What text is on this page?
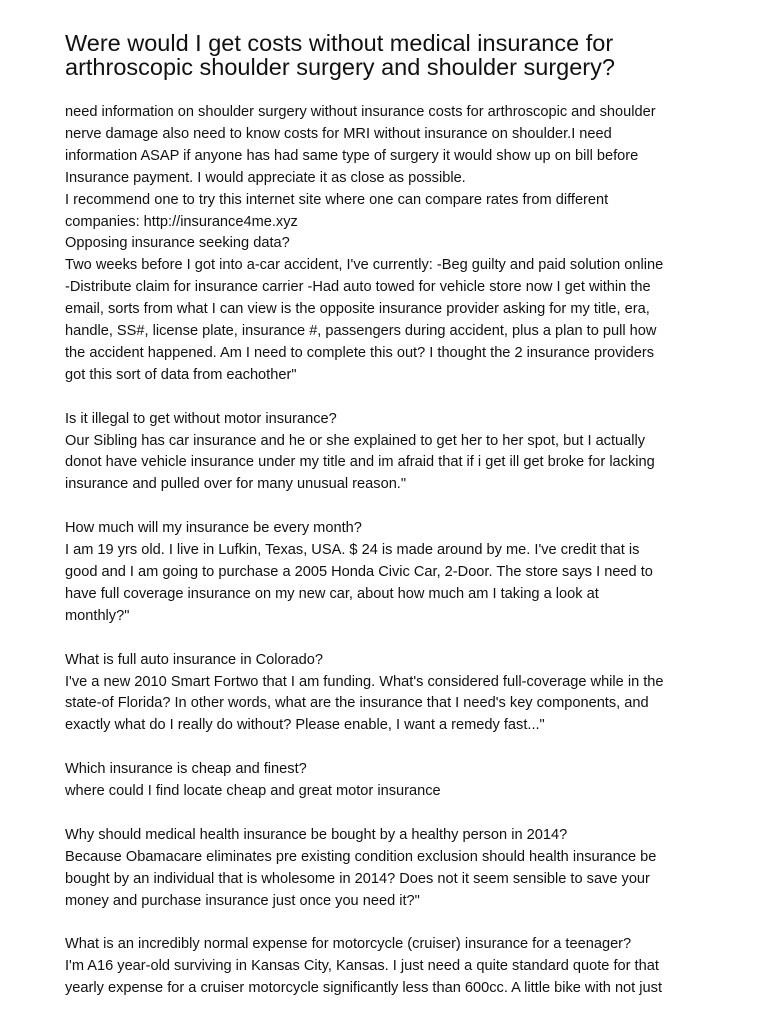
Were would I get costs without medical insurance for
arthroscopic shoulder surgery and shoulder surgery?
need information on shoulder surgery without insurance costs for arthroscopic and shoulder
nerve damage also need to know costs for MRI without insurance on shoulder.I need
information ASAP if anyone has had same type of surgery it would show up on bill before
Insurance payment. I would appreciate it as close as possible.
I recommend one to try this internet site where one can compare rates from different
companies: http://insurance4me.xyz
Opposing insurance seeking data?
Two weeks before I got into a-car accident, I've currently: -Beg guilty and paid solution online
-Distribute claim for insurance carrier -Had auto towed for vehicle store now I get within the
email, sorts from what I can view is the opposite insurance provider asking for my title, era,
handle, SS#, license plate, insurance #, passengers during accident, plus a plan to pull how
the accident happened. Am I need to complete this out? I thought the 2 insurance providers
got this sort of data from eachother"
Is it illegal to get without motor insurance?
Our Sibling has car insurance and he or she explained to get her to her spot, but I actually
donot have vehicle insurance under my title and im afraid that if i get ill get broke for lacking
insurance and pulled over for many unusual reason."
How much will my insurance be every month?
I am 19 yrs old. I live in Lufkin, Texas, USA. $ 24 is made around by me. I've credit that is
good and I am going to purchase a 2005 Honda Civic Car, 2-Door. The store says I need to
have full coverage insurance on my new car, about how much am I taking a look at
monthly?"
What is full auto insurance in Colorado?
I've a new 2010 Smart Fortwo that I am funding. What's considered full-coverage while in the
state-of Florida? In other words, what are the insurance that I need's key components, and
exactly what do I really do without? Please enable, I want a remedy fast..."
Which insurance is cheap and finest?
where could I find locate cheap and great motor insurance
Why should medical health insurance be bought by a healthy person in 2014?
Because Obamacare eliminates pre existing condition exclusion should health insurance be
bought by an individual that is wholesome in 2014? Does not it seem sensible to save your
money and purchase insurance just once you need it?"
What is an incredibly normal expense for motorcycle (cruiser) insurance for a teenager?
I'm A16 year-old surviving in Kansas City, Kansas. I just need a quite standard quote for that
yearly expense for a cruiser motorcycle significantly less than 600cc. A little bike with not just
